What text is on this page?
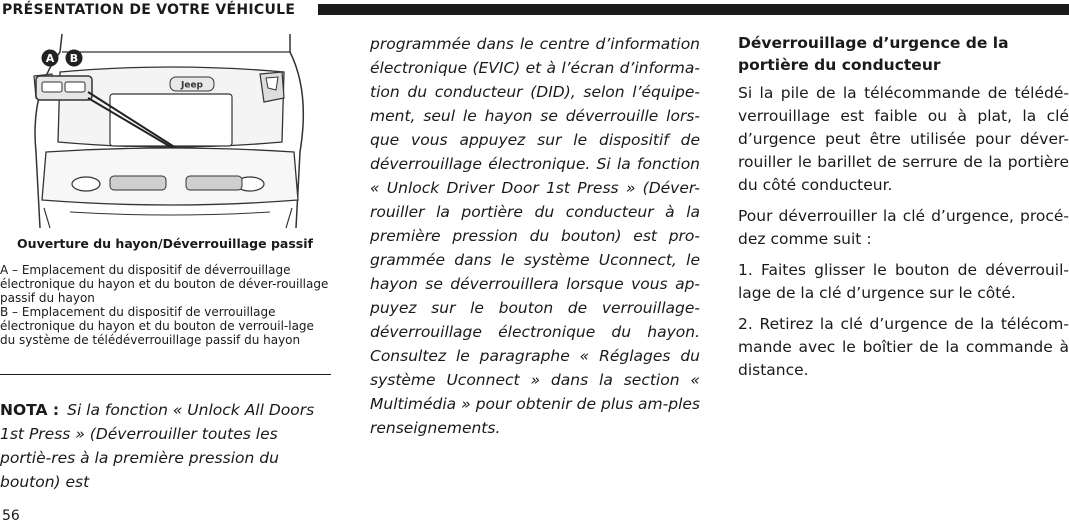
PRÉSENTATION DE VOTRE VÉHICULE
Jeep
A B
Ouverture du hayon/Déverrouillage passif

A – Emplacement du dispositif de déverrouillage électronique du hayon et du bouton de déver-rouillage passif du hayon

B – Emplacement du dispositif de verrouillage électronique du hayon et du bouton de verrouil-lage du système de télédéverrouillage passif du hayon

NOTA : Si la fonction « Unlock All Doors 1st Press » (Déverrouiller toutes les portiè-res à la première pression du bouton) est
programmée dans le centre d’information électronique (EVIC) et à l’écran d’informa-tion du conducteur (DID), selon l’équipe-ment, seul le hayon se déverrouille lors-que vous appuyez sur le dispositif de déverrouillage électronique. Si la fonction « Unlock Driver Door 1st Press » (Déver-rouiller la portière du conducteur à la première pression du bouton) est pro-grammée dans le système Uconnect, le hayon se déverrouillera lorsque vous ap-puyez sur le bouton de verrouillage-déverrouillage électronique du hayon. Consultez le paragraphe « Réglages du système Uconnect » dans la section « Multimédia » pour obtenir de plus am-ples renseignements.
Déverrouillage d’urgence de la portière du conducteur

Si la pile de la télécommande de télédé-verrouillage est faible ou à plat, la clé d’urgence peut être utilisée pour déver-rouiller le barillet de serrure de la portière du côté conducteur.

Pour déverrouiller la clé d’urgence, procé-dez comme suit :

1. Faites glisser le bouton de déverrouil-lage de la clé d’urgence sur le côté.

2. Retirez la clé d’urgence de la télécom-mande avec le boîtier de la commande à distance.

56
